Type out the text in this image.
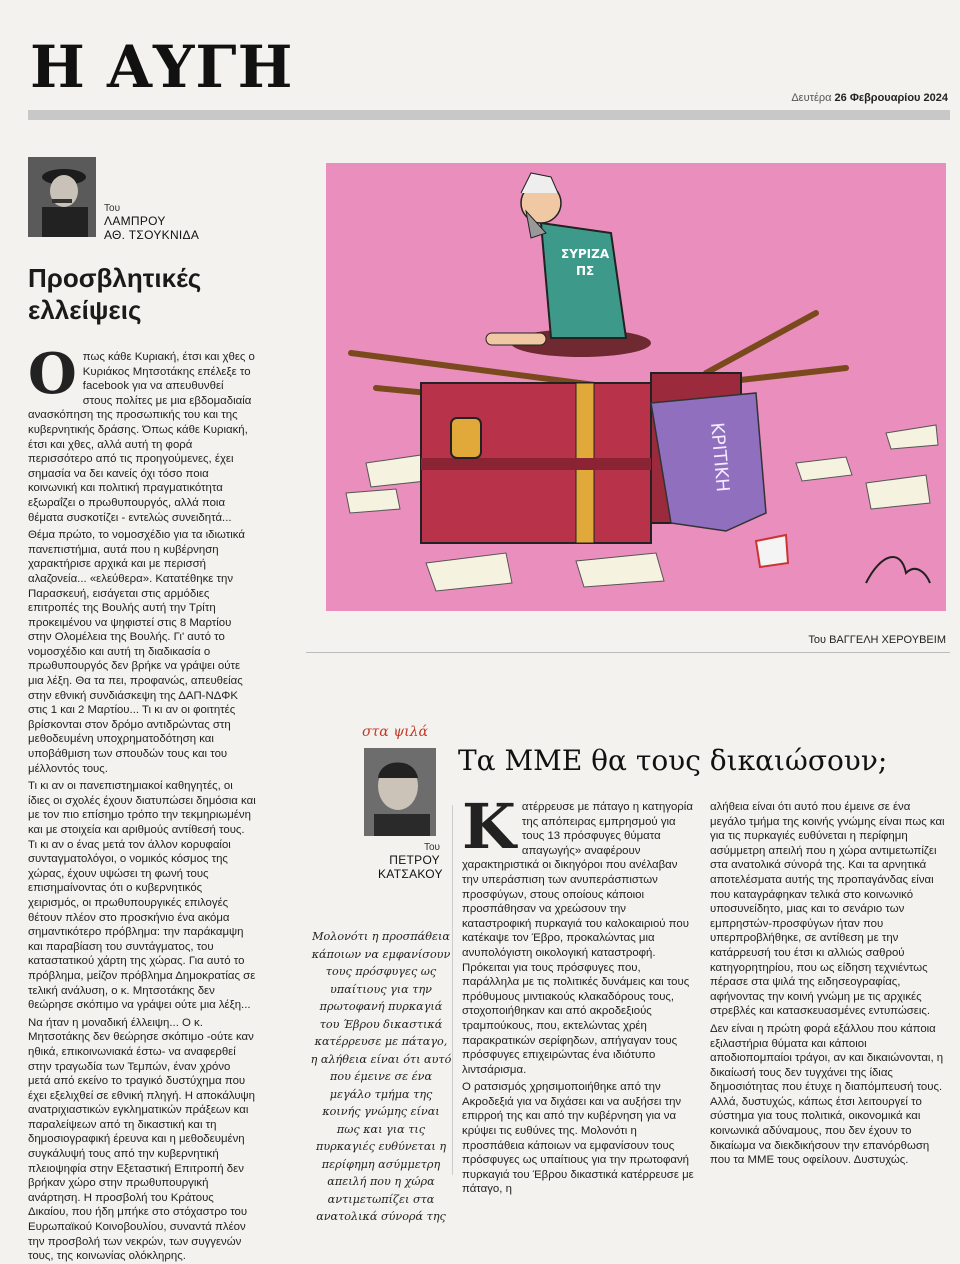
Η ΑΥΓΗ	Δευτέρα 26 Φεβρουαρίου 2024
Του
ΛΑΜΠΡΟΥ
ΑΘ. ΤΣΟΥΚΝΙΔΑ
Προσβλητικές
ελλείψεις

Οπως κάθε Κυριακή, έτσι και χθες ο Κυριάκος Μητσοτάκης επέλεξε το facebook για να απευθυνθεί στους πολίτες με μια εβδομαδιαία ανασκόπηση της προσωπικής του και της κυβερνητικής δράσης. Όπως κάθε Κυριακή, έτσι και χθες, αλλά αυτή τη φορά περισσότερο από τις προηγούμενες, έχει σημασία να δει κανείς όχι τόσο ποια κοινωνική και πολιτική πραγματικότητα εξωραΐζει ο πρωθυπουργός, αλλά ποια θέματα συσκοτίζει - εντελώς συνειδητά...

Θέμα πρώτο, το νομοσχέδιο για τα ιδιωτικά πανεπιστήμια, αυτά που η κυβέρνηση χαρακτήρισε αρχικά και με περισσή αλαζονεία... «ελεύθερα». Κατατέθηκε την Παρασκευή, εισάγεται στις αρμόδιες επιτροπές της Βουλής αυτή την Τρίτη προκειμένου να ψηφιστεί στις 8 Μαρτίου στην Ολομέλεια της Βουλής. Γι' αυτό το νομοσχέδιο και αυτή τη διαδικασία ο πρωθυπουργός δεν βρήκε να γράψει ούτε μια λέξη. Θα τα πει, προφανώς, απευθείας στην εθνική συνδιάσκεψη της ΔΑΠ-ΝΔΦΚ στις 1 και 2 Μαρτίου... Τι κι αν οι φοιτητές βρίσκονται στον δρόμο αντιδρώντας στη μεθοδευμένη υποχρηματοδότηση και υποβάθμιση των σπουδών τους και του μέλλοντός τους.

Τι κι αν οι πανεπιστημιακοί καθηγητές, οι ίδιες οι σχολές έχουν διατυπώσει δημόσια και με τον πιο επίσημο τρόπο την τεκμηριωμένη και με στοιχεία και αριθμούς αντίθεσή τους. Τι κι αν ο ένας μετά τον άλλον κορυφαίοι συνταγματολόγοι, ο νομικός κόσμος της χώρας, έχουν υψώσει τη φωνή τους επισημαίνοντας ότι ο κυβερνητικός χειρισμός, οι πρωθυπουργικές επιλογές θέτουν πλέον στο προσκήνιο ένα ακόμα σημαντικότερο πρόβλημα: την παράκαμψη και παραβίαση του συντάγματος, του καταστατικού χάρτη της χώρας. Για αυτό το πρόβλημα, μείζον πρόβλημα Δημοκρατίας σε τελική ανάλυση, ο κ. Μητσοτάκης δεν θεώρησε σκόπιμο να γράψει ούτε μια λέξη...

Να ήταν η μοναδική έλλειψη... Ο κ. Μητσοτάκης δεν θεώρησε σκόπιμο -ούτε καν ηθικά, επικοινωνιακά έστω- να αναφερθεί στην τραγωδία των Τεμπών, έναν χρόνο μετά από εκείνο το τραγικό δυστύχημα που έχει εξελιχθεί σε εθνική πληγή. Η αποκάλυψη ανατριχιαστικών εγκληματικών πράξεων και παραλείψεων από τη δικαστική και τη δημοσιογραφική έρευνα και η μεθοδευμένη συγκάλυψή τους από την κυβερνητική πλειοψηφία στην Εξεταστική Επιτροπή δεν βρήκαν χώρο στην πρωθυπουργική ανάρτηση. Η προσβολή του Κράτους Δικαίου, που ήδη μπήκε στο στόχαστρο του Ευρωπαϊκού Κοινοβουλίου, συναντά πλέον την προσβολή των νεκρών, των συγγενών τους, της κοινωνίας ολόκληρης.

ΚΡΙΤΙΚΗ
ΣΥΡΙΖΑ
ΠΣ
Του ΒΑΓΓΕΛΗ ΧΕΡΟΥΒΕΙΜ
στα ψιλά
Τα ΜΜΕ θα τους δικαιώσουν;
Του
ΠΕΤΡΟΥ
ΚΑΤΣΑΚΟΥ
Μολονότι η προσπάθεια κάποιων να εμφανίσουν τους πρόσφυγες ως υπαίτιους για την πρωτοφανή πυρκαγιά του Έβρου δικαστικά κατέρρευσε με πάταγο, η αλήθεια είναι ότι αυτό που έμεινε σε ένα μεγάλο τμήμα της κοινής γνώμης είναι πως και για τις πυρκαγιές ευθύνεται η περίφημη ασύμμετρη απειλή που η χώρα αντιμετωπίζει στα ανατολικά σύνορά της

Κατέρρευσε με πάταγο η κατηγορία της απόπειρας εμπρησμού για τους 13 πρόσφυγες θύματα απαγωγής» αναφέρουν χαρακτηριστικά οι δικηγόροι που ανέλαβαν την υπεράσπιση των ανυπεράσπιστων προσφύγων, στους οποίους κάποιοι προσπάθησαν να χρεώσουν την καταστροφική πυρκαγιά του καλοκαιριού που κατέκαψε τον Έβρο, προκαλώντας μια ανυπολόγιστη οικολογική καταστροφή. Πρόκειται για τους πρόσφυγες που, παράλληλα με τις πολιτικές δυνάμεις και τους πρόθυμους μιντιακούς κλακαδόρους τους, στοχοποιήθηκαν και από ακροδεξιούς τραμπούκους, που, εκτελώντας χρέη παρακρατικών σερίφηδων, απήγαγαν τους πρόσφυγες επιχειρώντας ένα ιδιότυπο λιντσάρισμα.

Ο ρατσισμός χρησιμοποιήθηκε από την Ακροδεξιά για να διχάσει και να αυξήσει την επιρροή της και από την κυβέρνηση για να κρύψει τις ευθύνες της. Μολονότι η προσπάθεια κάποιων να εμφανίσουν τους πρόσφυγες ως υπαίτιους για την πρωτοφανή πυρκαγιά του Έβρου δικαστικά κατέρρευσε με πάταγο, η

αλήθεια είναι ότι αυτό που έμεινε σε ένα μεγάλο τμήμα της κοινής γνώμης είναι πως και για τις πυρκαγιές ευθύνεται η περίφημη ασύμμετρη απειλή που η χώρα αντιμετωπίζει στα ανατολικά σύνορά της. Και τα αρνητικά αποτελέσματα αυτής της προπαγάνδας είναι που καταγράφηκαν τελικά στο κοινωνικό υποσυνείδητο, μιας και το σενάριο των εμπρηστών-προσφύγων ήταν που υπερπροβλήθηκε, σε αντίθεση με την κατάρρευσή του έτσι κι αλλιώς σαθρού κατηγορητηρίου, που ως είδηση τεχνιέντως πέρασε στα ψιλά της ειδησεογραφίας, αφήνοντας την κοινή γνώμη με τις αρχικές στρεβλές και κατασκευασμένες εντυπώσεις.

Δεν είναι η πρώτη φορά εξάλλου που κάποια εξιλαστήρια θύματα και κάποιοι αποδιοπομπαίοι τράγοι, αν και δικαιώνονται, η δικαίωσή τους δεν τυγχάνει της ίδιας δημοσιότητας που έτυχε η διαπόμπευσή τους. Αλλά, δυστυχώς, κάπως έτσι λειτουργεί το σύστημα για τους πολιτικά, οικονομικά και κοινωνικά αδύναμους, που δεν έχουν το δικαίωμα να διεκδικήσουν την επανόρθωση που τα ΜΜΕ τους οφείλουν. Δυστυχώς.
